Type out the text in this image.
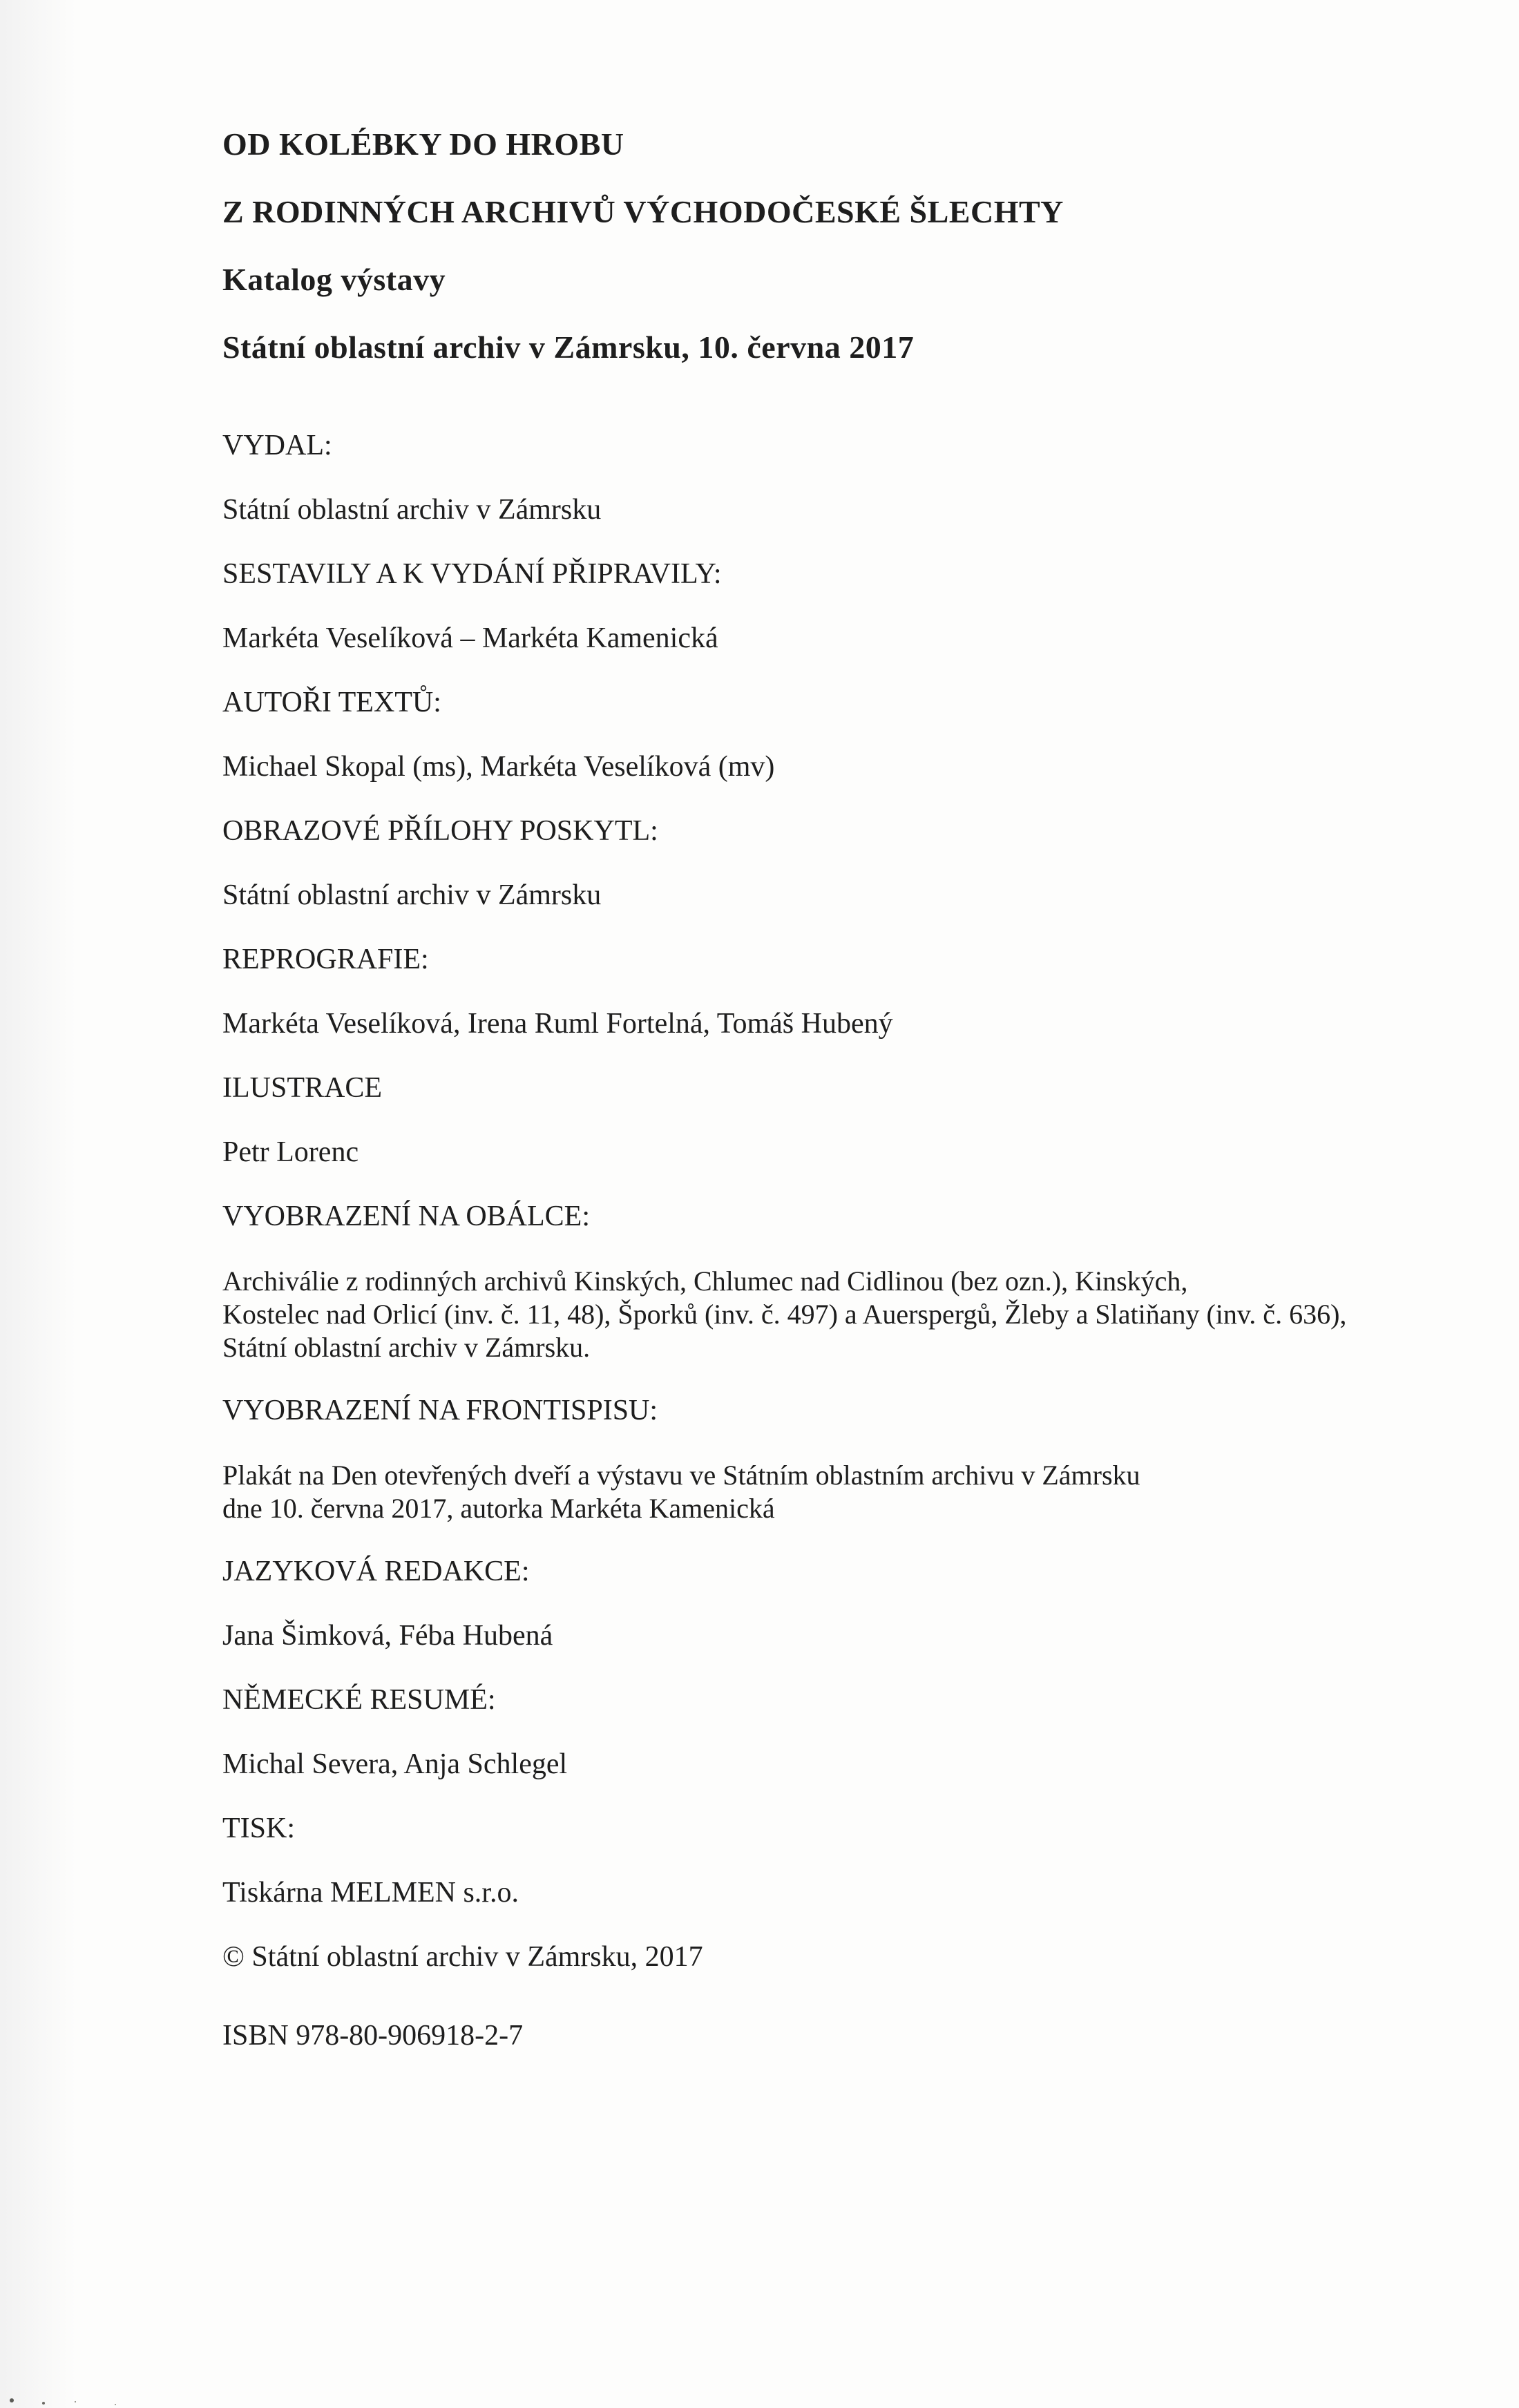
OD KOLÉBKY DO HROBU
Z RODINNÝCH ARCHIVŮ VÝCHODOČESKÉ ŠLECHTY
Katalog výstavy
Státní oblastní archiv v Zámrsku, 10. června 2017
VYDAL:
Státní oblastní archiv v Zámrsku
SESTAVILY A K VYDÁNÍ PŘIPRAVILY:
Markéta Veselíková – Markéta Kamenická
AUTOŘI TEXTŮ:
Michael Skopal (ms), Markéta Veselíková (mv)
OBRAZOVÉ PŘÍLOHY POSKYTL:
Státní oblastní archiv v Zámrsku
REPROGRAFIE:
Markéta Veselíková, Irena Ruml Fortelná, Tomáš Hubený
ILUSTRACE
Petr Lorenc
VYOBRAZENÍ NA OBÁLCE:
Archiválie z rodinných archivů Kinských, Chlumec nad Cidlinou (bez ozn.), Kinských,
Kostelec nad Orlicí (inv. č. 11, 48), Šporků (inv. č. 497) a Auerspergů, Žleby a Slatiňany (inv. č. 636),
Státní oblastní archiv v Zámrsku.
VYOBRAZENÍ NA FRONTISPISU:
Plakát na Den otevřených dveří a výstavu ve Státním oblastním archivu v Zámrsku
dne 10. června 2017, autorka Markéta Kamenická
JAZYKOVÁ REDAKCE:
Jana Šimková, Féba Hubená
NĚMECKÉ RESUMÉ:
Michal Severa, Anja Schlegel
TISK:
Tiskárna MELMEN s.r.o.
© Státní oblastní archiv v Zámrsku, 2017
ISBN 978-80-906918-2-7
